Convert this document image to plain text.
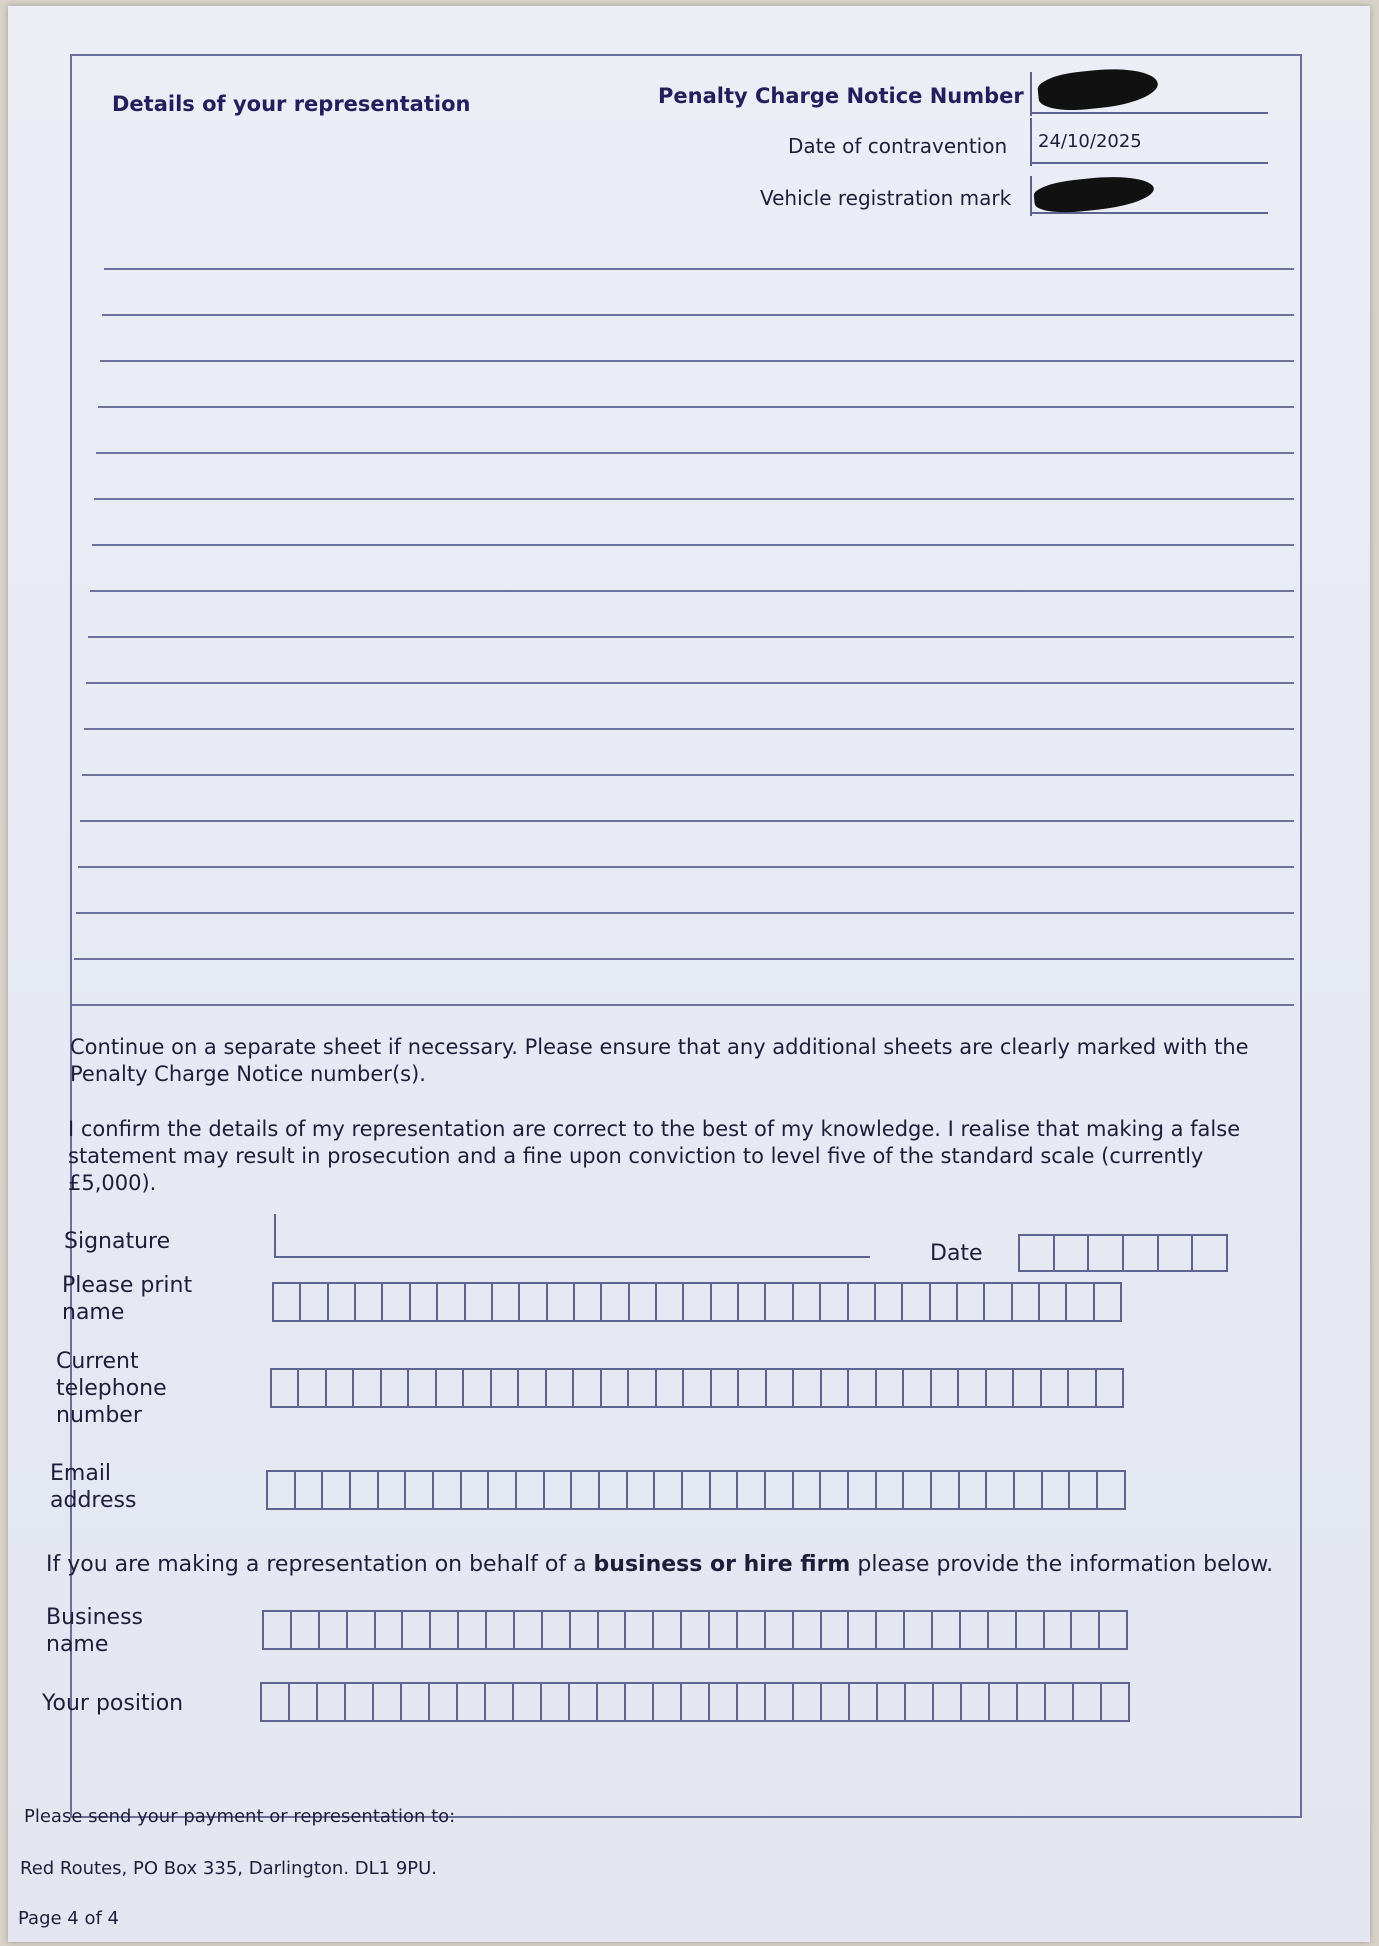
Details of your representation	Penalty Charge Notice Number
Date of contravention 24/10/2025
Vehicle registration mark
Continue on a separate sheet if necessary. Please ensure that any additional sheets are clearly marked with the
Penalty Charge Notice number(s).
I confirm the details of my representation are correct to the best of my knowledge. I realise that making a false
statement may result in prosecution and a fine upon conviction to level five of the standard scale (currently
£5,000).
Signature	Date
Please print
name
Current
telephone
number
Email
address
If you are making a representation on behalf of a business or hire firm please provide the information below.
Business
name
Your position
Please send your payment or representation to:
Red Routes, PO Box 335, Darlington. DL1 9PU.
Page 4 of 4
